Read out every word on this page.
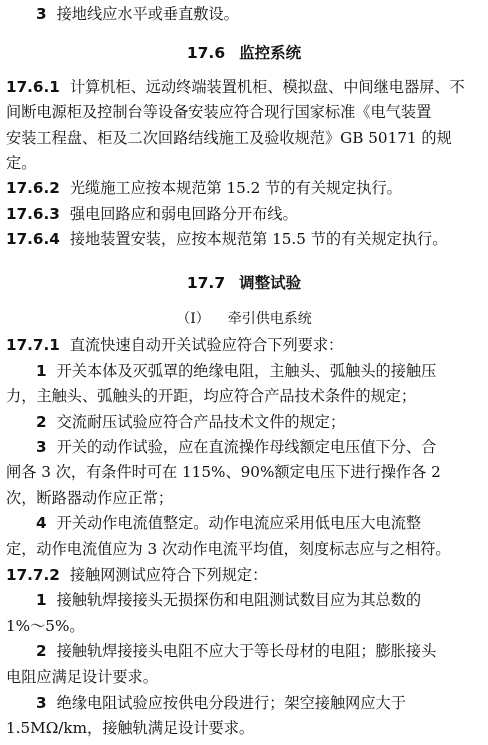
3 接地线应水平或垂直敷设。
17.6 监控系统
17.6.1 计算机柜、远动终端装置机柜、模拟盘、中间继电器屏、不
间断电源柜及控制台等设备安装应符合现行国家标准《电气装置
安装工程盘、柜及二次回路结线施工及验收规范》GB 50171 的规
定。
17.6.2 光缆施工应按本规范第 15.2 节的有关规定执行。
17.6.3 强电回路应和弱电回路分开布线。
17.6.4 接地装置安装，应按本规范第 15.5 节的有关规定执行。
17.7 调整试验
（Ⅰ） 牵引供电系统
17.7.1 直流快速自动开关试验应符合下列要求：
1 开关本体及灭弧罩的绝缘电阻，主触头、弧触头的接触压
力，主触头、弧触头的开距，均应符合产品技术条件的规定；
2 交流耐压试验应符合产品技术文件的规定；
3 开关的动作试验，应在直流操作母线额定电压值下分、合
闸各 3 次，有条件时可在 115%、90%额定电压下进行操作各 2
次，断路器动作应正常；
4 开关动作电流值整定。动作电流应采用低电压大电流整
定，动作电流值应为 3 次动作电流平均值，刻度标志应与之相符。
17.7.2 接触网测试应符合下列规定：
1 接触轨焊接接头无损探伤和电阻测试数目应为其总数的
1%～5%。
2 接触轨焊接接头电阻不应大于等长母材的电阻；膨胀接头
电阻应满足设计要求。
3 绝缘电阻试验应按供电分段进行；架空接触网应大于
1.5MΩ/km，接触轨满足设计要求。
